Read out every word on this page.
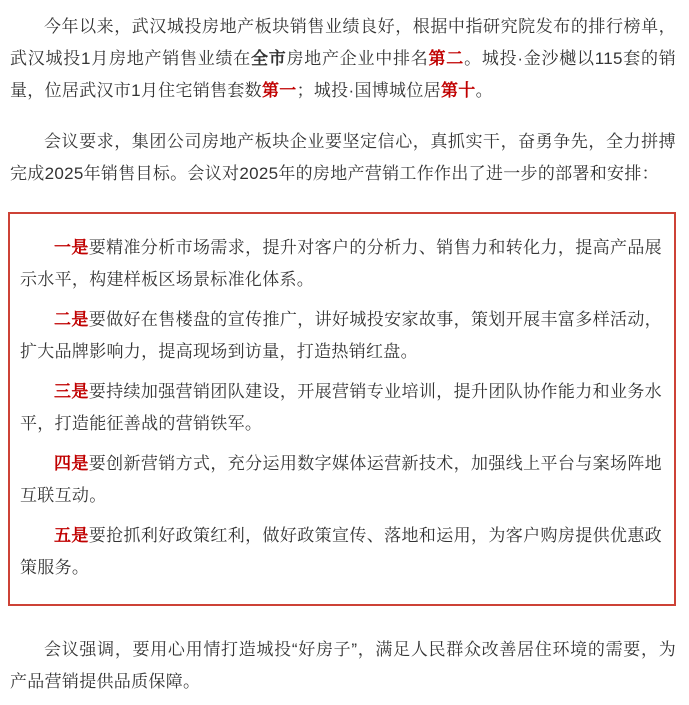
今年以来，武汉城投房地产板块销售业绩良好，根据中指研究院发布的排行榜单，武汉城投1月房地产销售业绩在全市房地产企业中排名第二。城投·金沙樾以115套的销量，位居武汉市1月住宅销售套数第一；城投·国博城位居第十。

会议要求，集团公司房地产板块企业要坚定信心，真抓实干，奋勇争先，全力拼搏完成2025年销售目标。会议对2025年的房地产营销工作作出了进一步的部署和安排：

一是要精准分析市场需求，提升对客户的分析力、销售力和转化力，提高产品展示水平，构建样板区场景标准化体系。

二是要做好在售楼盘的宣传推广，讲好城投安家故事，策划开展丰富多样活动，扩大品牌影响力，提高现场到访量，打造热销红盘。

三是要持续加强营销团队建设，开展营销专业培训，提升团队协作能力和业务水平，打造能征善战的营销铁军。

四是要创新营销方式，充分运用数字媒体运营新技术，加强线上平台与案场阵地互联互动。

五是要抢抓利好政策红利，做好政策宣传、落地和运用，为客户购房提供优惠政策服务。

会议强调，要用心用情打造城投“好房子”，满足人民群众改善居住环境的需要，为产品营销提供品质保障。
